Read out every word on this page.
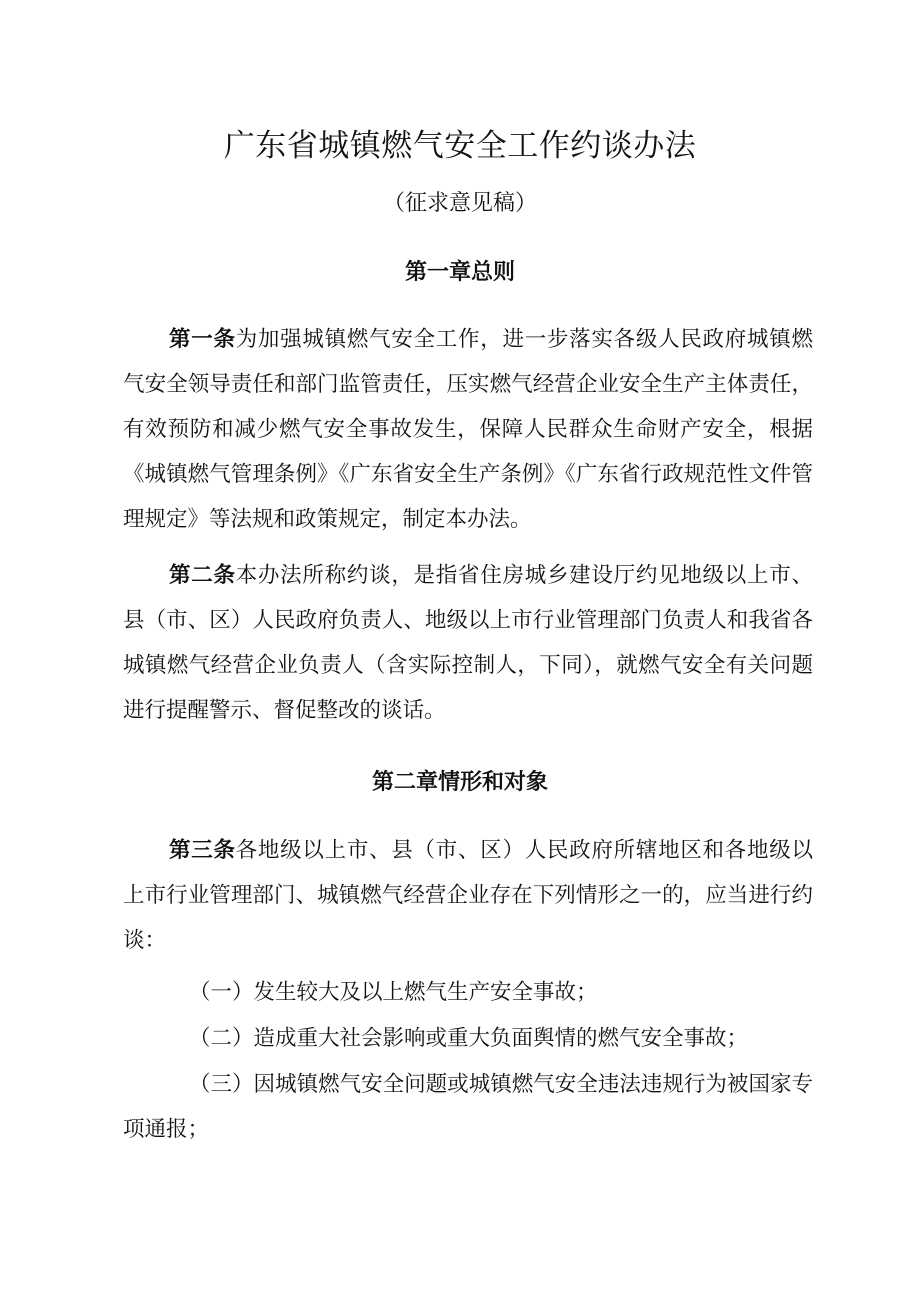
广东省城镇燃气安全工作约谈办法

（征求意见稿）

第一章总则

第一条为加强城镇燃气安全工作，进一步落实各级人民政府城镇燃气安全领导责任和部门监管责任，压实燃气经营企业安全生产主体责任，有效预防和减少燃气安全事故发生，保障人民群众生命财产安全，根据《城镇燃气管理条例》《广东省安全生产条例》《广东省行政规范性文件管理规定》等法规和政策规定，制定本办法。

第二条本办法所称约谈，是指省住房城乡建设厅约见地级以上市、县（市、区）人民政府负责人、地级以上市行业管理部门负责人和我省各城镇燃气经营企业负责人（含实际控制人，下同），就燃气安全有关问题进行提醒警示、督促整改的谈话。

第二章情形和对象

第三条各地级以上市、县（市、区）人民政府所辖地区和各地级以上市行业管理部门、城镇燃气经营企业存在下列情形之一的，应当进行约谈：

（一）发生较大及以上燃气生产安全事故；

（二）造成重大社会影响或重大负面舆情的燃气安全事故；

（三）因城镇燃气安全问题或城镇燃气安全违法违规行为被国家专项通报；
